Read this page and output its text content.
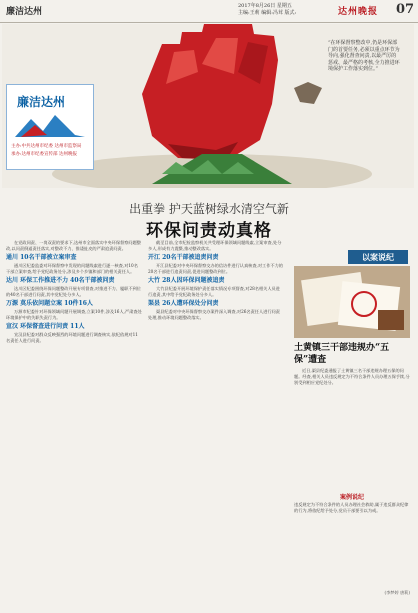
廉洁达州
2017年8月26日 星期五
主编:王莉 编辑:冯茸 版式:	达州晚报 07
廉洁达州
主办:中共达州市纪委 达州市监察局
承办:达州市纪委宣传部 达州晚报
“在环保督察整改中,仍是环保部门的首要任务,必须以重点环节为导向,强化督查问责,以最严厉的惩戒、最严格的考核,全力推进环境保护工作落实到位。”
出重拳 护天蓝树绿水清空气新
环保问责动真格

在党政同责、一岗双责的要求下,达州市全面落实中央环保督察问题整改,以问责倒逼责任落实,对整改不力、推诿扯皮的严肃追责问责。

通川 10名干部被立案审查

通川区纪委监委对环保督察中发现的问题线索进行逐一核查,对10名干部立案审查,给予党纪政务处分,涉及多个乡镇和部门的相关责任人。

达川 环保工作推进不力 40名干部被问责

达川区纪委围绕环保问题整改开展专项督查,对推进不力、履职不到位的40名干部进行问责,其中党纪处分多人。

万源 莫乐依问题立案 10件16人

万源市纪委针对环保领域问题开展调查,立案10件,涉及16人,严肃查处环境保护中的失职失责行为。

宣汉 环保督查进行问责 11人

宣汉县纪委对群众反映强烈的环境问题进行调查核实,依纪依规对11名责任人进行问责。

截至目前,全市纪检监察机关共受理环保领域问题线索,立案审查,处分多人,形成有力震慑,推动整改落实。

开江 20名干部被追责问责

开江县纪委对中央环保督察交办的信访件进行认真核查,对工作不力的20名干部进行追责问责,促进问题整改到位。

大竹 28人因环保问题被追责

大竹县纪委开展环境保护责任落实情况专项督查,对28名相关人员进行追责,其中给予党纪政务处分多人。

渠县 26人遭环保处分问责

渠县纪委对中央环保督察交办案件深入调查,对26名责任人进行问责处理,推动环境问题整改落实。

以案说纪
土黄镇三干部违规办“五保”遭查

近日,渠县纪委通报了土黄镇三名干部违规办理五保的问题。经查,相关人员违反规定为不符合条件人员办理五保手续,分别受到相应党纪处分。

案例说纪
违反规定为不符合条件的人员办理社会救助,属于违反群众纪律的行为,将依纪给予处分,党员干部要引以为戒。
(李梦婷 唐莉)
